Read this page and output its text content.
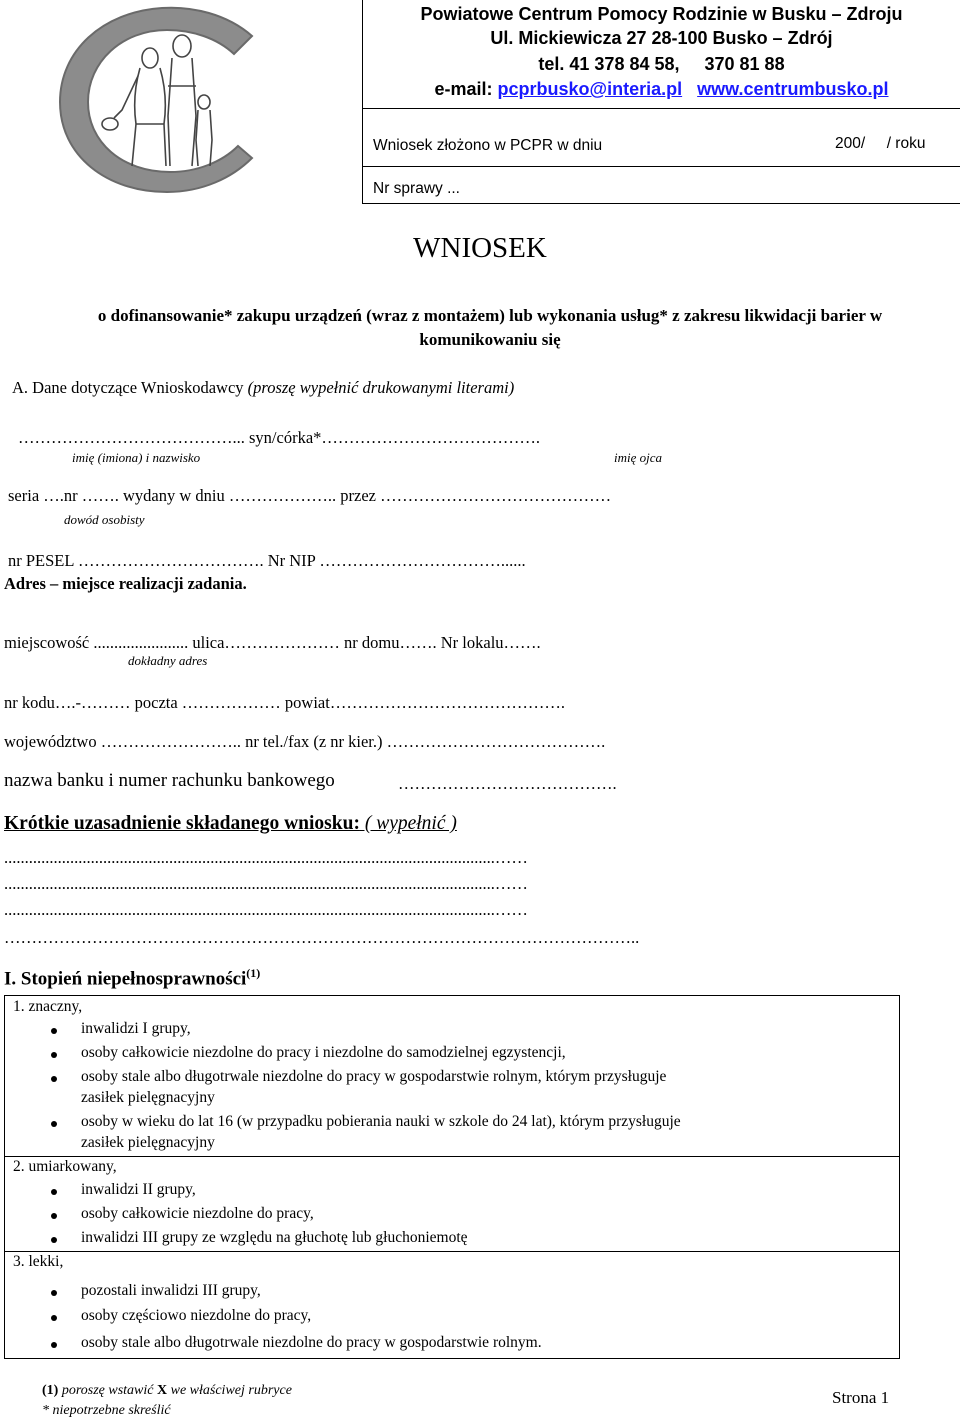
Powiatowe Centrum Pomocy Rodzinie w Busku – Zdroju
Ul. Mickiewicza 27 28-100 Busko – Zdrój
tel. 41 378 84 58,     370 81 88
e-mail: pcprbusko@interia.pl www.centrumbusko.pl
Wniosek złożono w PCPR w dniu	200/     / roku
Nr sprawy ...
WNIOSEK
o dofinansowanie* zakupu urządzeń (wraz z montażem) lub wykonania usług* z zakresu likwidacji barier w komunikowaniu się
A. Dane dotyczące Wnioskodawcy (proszę wypełnić drukowanymi literami)
…………………………………... syn/córka*………………………………….
imię (imiona) i nazwisko	imię ojca
seria ….nr ……. wydany w dniu ……………….. przez ……………………………………
dowód osobisty
nr PESEL ……………………………. Nr NIP ……………………………......
Adres – miejsce realizacji zadania.
miejscowość ....................... ulica………………… nr domu……. Nr lokalu…….
dokładny adres
nr kodu….-……… poczta ……………… powiat…………………………………….
województwo …………………….. nr tel./fax (z nr kier.) ………………………………….
nazwa banku i numer rachunku bankowego	………………………………….
Krótkie uzasadnienie składanego wniosku: ( wypełnić )
.......................................................................................................................……
.......................................................................................................................……
.......................................................................................................................……
……………………………………………………………………………………………………..
I. Stopień niepełnosprawności$^{(1)}$
1. znaczny,
inwalidzi I grupy,
osoby całkowicie niezdolne do pracy i niezdolne do samodzielnej egzystencji,
osoby stale albo długotrwale niezdolne do pracy w gospodarstwie rolnym, którym przysługuje
zasiłek pielęgnacyjny
osoby w wieku do lat 16 (w przypadku pobierania nauki w szkole do 24 lat), którym przysługuje
zasiłek pielęgnacyjny
2. umiarkowany,
inwalidzi II grupy,
osoby całkowicie niezdolne do pracy,
inwalidzi III grupy ze względu na głuchotę lub głuchoniemotę
3. lekki,
pozostali inwalidzi III grupy,
osoby częściowo niezdolne do pracy,
osoby stale albo długotrwale niezdolne do pracy w gospodarstwie rolnym.
(1) poroszę wstawić X we właściwej rubryce
* niepotrzebne skreślić
Strona 1
